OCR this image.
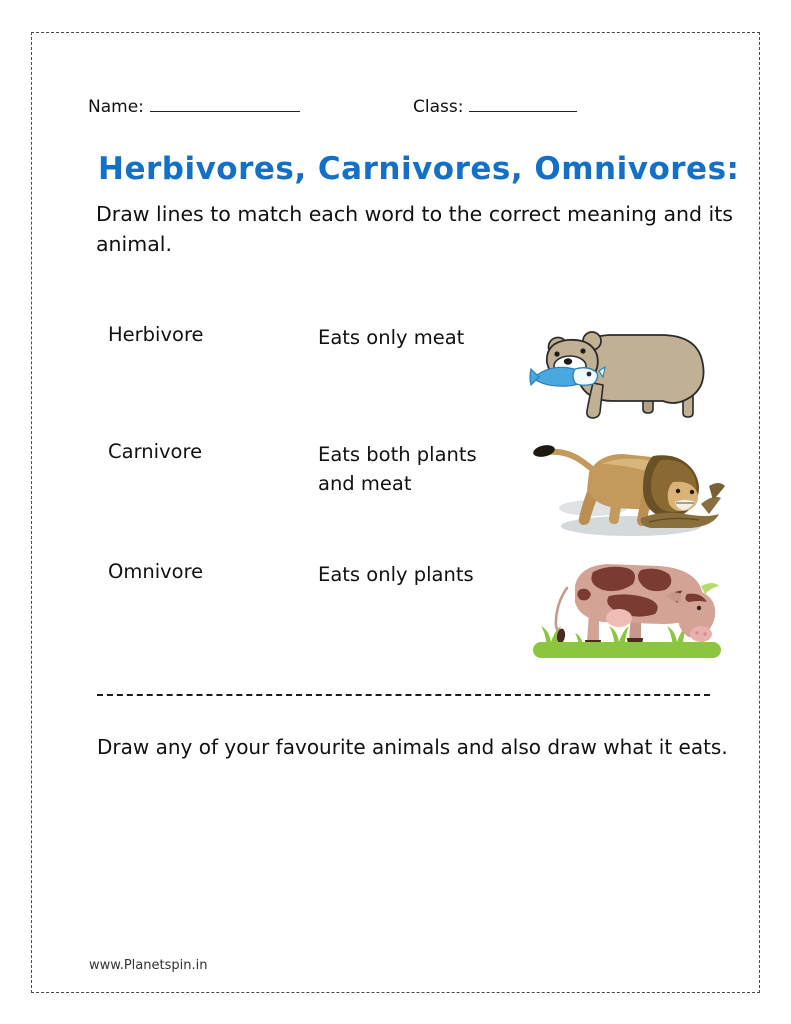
Name:	Class:
Herbivores, Carnivores, Omnivores:
Draw lines to match each word to the correct meaning and its animal.
Herbivore	Eats only meat
Carnivore	Eats both plants and meat
Omnivore	Eats only plants
Draw any of your favourite animals and also draw what it eats.
www.Planetspin.in
